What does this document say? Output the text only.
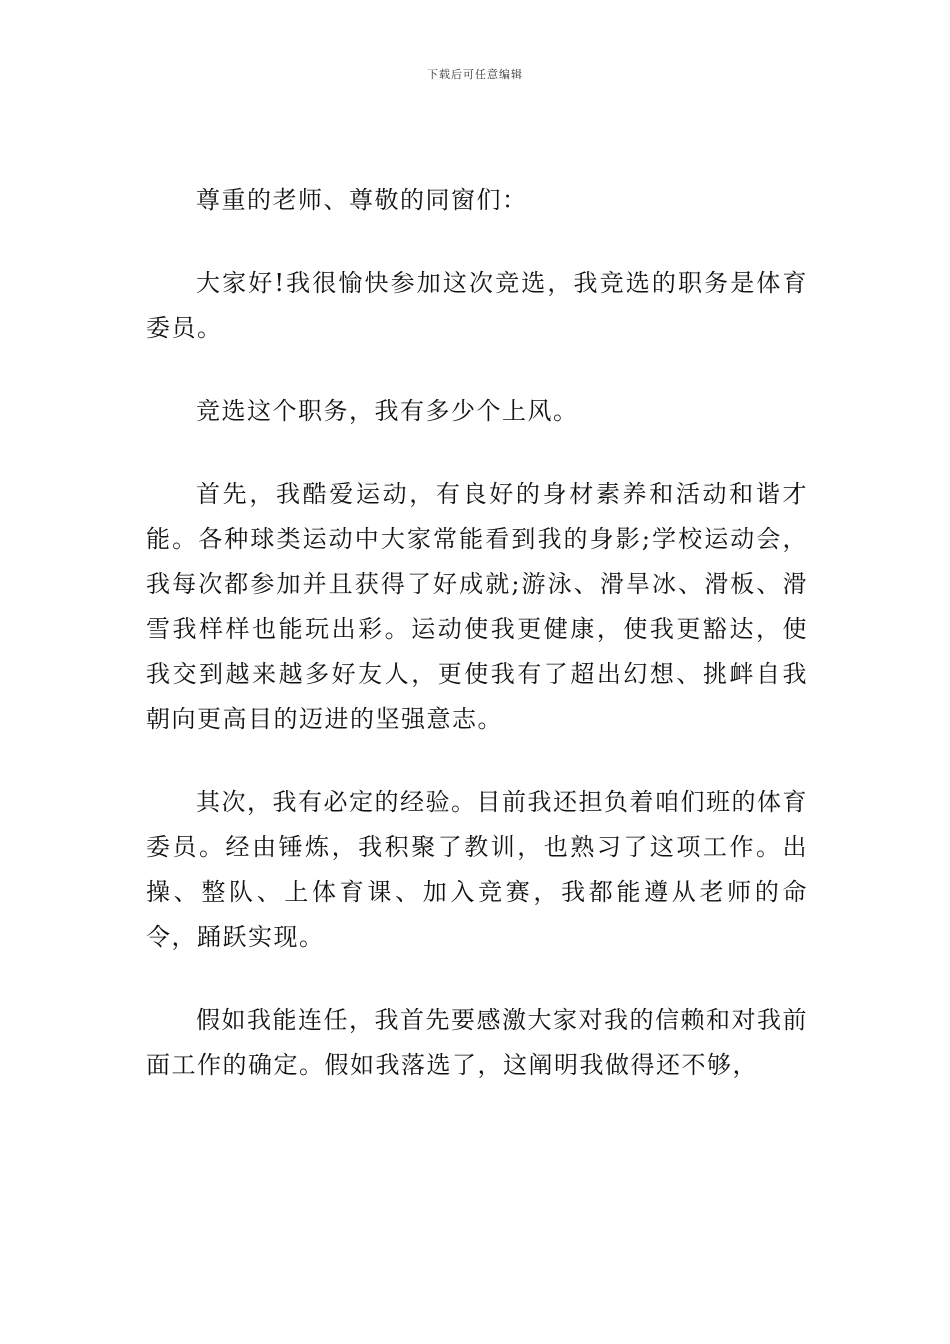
下载后可任意编辑

尊重的老师、尊敬的同窗们：

大家好!我很愉快参加这次竞选，我竞选的职务是体育委员。

竞选这个职务，我有多少个上风。

首先，我酷爱运动，有良好的身材素养和活动和谐才能。各种球类运动中大家常能看到我的身影;学校运动会，我每次都参加并且获得了好成就;游泳、滑旱冰、滑板、滑雪我样样也能玩出彩。运动使我更健康，使我更豁达，使我交到越来越多好友人，更使我有了超出幻想、挑衅自我朝向更高目的迈进的坚强意志。

其次，我有必定的经验。目前我还担负着咱们班的体育委员。经由锤炼，我积聚了教训，也熟习了这项工作。出操、整队、上体育课、加入竞赛，我都能遵从老师的命令，踊跃实现。

假如我能连任，我首先要感激大家对我的信赖和对我前面工作的确定。假如我落选了，这阐明我做得还不够，
